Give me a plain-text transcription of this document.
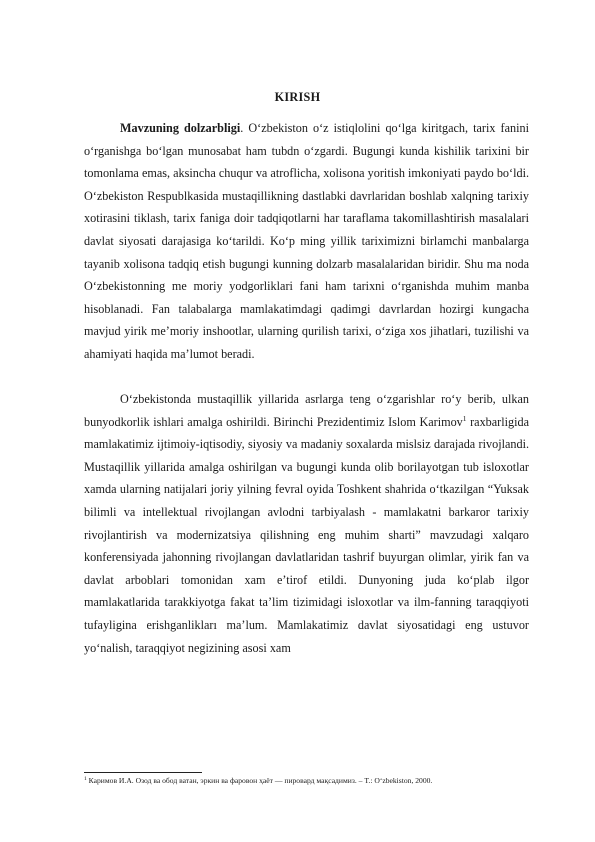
KIRISH

Mavzuning dolzarbligi. O‘zbekiston o‘z istiqlolini qo‘lga kiritgach, tarix fanini o‘rganishga bo‘lgan munosabat ham tubdn o‘zgardi. Bugungi kunda kishilik tarixini bir tomonlama emas, aksincha chuqur va atroflicha, xolisona yoritish imkoniyati paydo bo‘ldi. O‘zbekiston Respublkasida mustaqillikning dastlabki davrlaridan boshlab xalqning tarixiy xotirasini tiklash, tarix faniga doir tadqiqotlarni har taraflama takomillashtirish masalalari davlat siyosati darajasiga ko‘tarildi. Ko‘p ming yillik tariximizni birlamchi manbalarga tayanib xolisona tadqiq etish bugungi kunning dolzarb masalalaridan biridir. Shu ma noda O‘zbekistonning me moriy yodgorliklari fani ham tarixni o‘rganishda muhim manba hisoblanadi. Fan talabalarga mamlakatimdagi qadimgi davrlardan hozirgi kungacha mavjud yirik me’moriy inshootlar, ularning qurilish tarixi, o‘ziga xos jihatlari, tuzilishi va ahamiyati haqida ma’lumot beradi.

O‘zbekistonda mustaqillik yillarida asrlarga teng o‘zgarishlar ro‘y berib, ulkan bunyodkorlik ishlari amalga oshirildi. Birinchi Prezidentimiz Islom Karimov$^1$ raxbarligida mamlakatimiz ijtimoiy-iqtisodiy, siyosiy va madaniy soxalarda mislsiz darajada rivojlandi. Mustaqillik yillarida amalga oshirilgan va bugungi kunda olib borilayotgan tub isloxotlar xamda ularning natijalari joriy yilning fevral oyida Toshkent shahrida o‘tkazilgan “Yuksak bilimli va intellektual rivojlangan avlodni tarbiyalash - mamlakatni barkaror tarixiy rivojlantirish va modernizatsiya qilishning eng muhim sharti” mavzudagi xalqaro konferensiyada jahonning rivojlangan davlatlaridan tashrif buyurgan olimlar, yirik fan va davlat arboblari tomonidan xam e’tirof etildi. Dunyoning juda ko‘plab ilgor mamlakatlarida tarakkiyotga fakat ta’lim tizimidagi isloxotlar va ilm-fanning taraqqiyoti tufayligina erishganlikları ma’lum. Mamlakatimiz davlat siyosatidagi eng ustuvor yo‘nalish, taraqqiyot negizining asosi xam

$^1$ Каримов И.А. Озод ва обод ватан, эркин ва фаровон ҳаёт — пировард мақсадимиз. – T.: O‘zbekiston, 2000.
